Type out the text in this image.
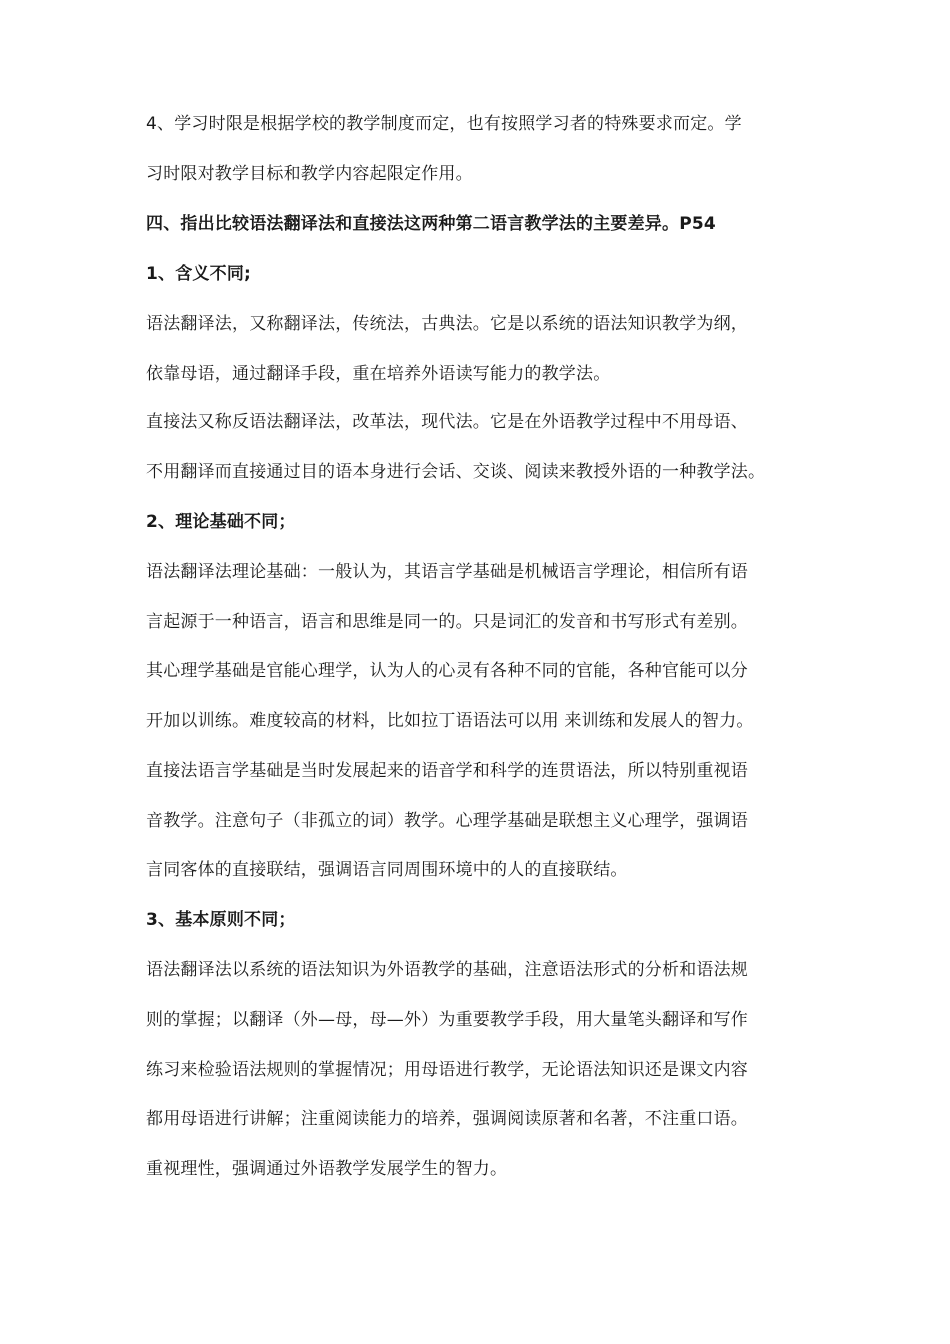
4、学习时限是根据学校的教学制度而定，也有按照学习者的特殊要求而定。学
习时限对教学目标和教学内容起限定作用。
四、指出比较语法翻译法和直接法这两种第二语言教学法的主要差异。P54
1、含义不同;
语法翻译法，又称翻译法，传统法，古典法。它是以系统的语法知识教学为纲，
依靠母语，通过翻译手段，重在培养外语读写能力的教学法。
直接法又称反语法翻译法，改革法，现代法。它是在外语教学过程中不用母语、
不用翻译而直接通过目的语本身进行会话、交谈、阅读来教授外语的一种教学法。
2、理论基础不同；
语法翻译法理论基础：一般认为，其语言学基础是机械语言学理论，相信所有语
言起源于一种语言，语言和思维是同一的。只是词汇的发音和书写形式有差别。
其心理学基础是官能心理学，认为人的心灵有各种不同的官能，各种官能可以分
开加以训练。难度较高的材料，比如拉丁语语法可以用 来训练和发展人的智力。
直接法语言学基础是当时发展起来的语音学和科学的连贯语法，所以特别重视语
音教学。注意句子（非孤立的词）教学。心理学基础是联想主义心理学，强调语
言同客体的直接联结，强调语言同周围环境中的人的直接联结。
3、基本原则不同；
语法翻译法以系统的语法知识为外语教学的基础，注意语法形式的分析和语法规
则的掌握；以翻译（外—母，母—外）为重要教学手段，用大量笔头翻译和写作
练习来检验语法规则的掌握情况；用母语进行教学，无论语法知识还是课文内容
都用母语进行讲解；注重阅读能力的培养，强调阅读原著和名著，不注重口语。
重视理性，强调通过外语教学发展学生的智力。
